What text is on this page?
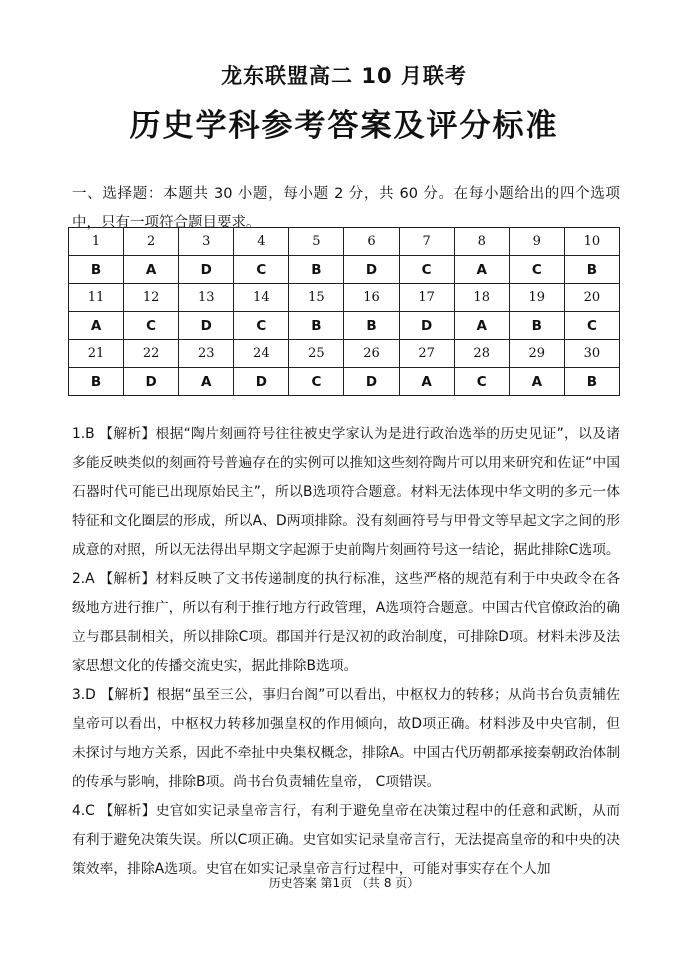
龙东联盟高二 10 月联考
历史学科参考答案及评分标准
一、选择题：本题共 30 小题，每小题 2 分，共 60 分。在每小题给出的四个选项中，只有一项符合题目要求。
1	2	3	4	5	6	7	8	9	10
B	A	D	C	B	D	C	A	C	B
11	12	13	14	15	16	17	18	19	20
A	C	D	C	B	B	D	A	B	C
21	22	23	24	25	26	27	28	29	30
B	D	A	D	C	D	A	C	A	B

1.B 【解析】根据“陶片刻画符号往往被史学家认为是进行政治选举的历史见证”，以及诸多能反映类似的刻画符号普遍存在的实例可以推知这些刻符陶片可以用来研究和佐证“中国石器时代可能已出现原始民主”，所以B选项符合题意。材料无法体现中华文明的多元一体特征和文化圈层的形成，所以A、D两项排除。没有刻画符号与甲骨文等早起文字之间的形成意的对照，所以无法得出早期文字起源于史前陶片刻画符号这一结论，据此排除C选项。

2.A 【解析】材料反映了文书传递制度的执行标准，这些严格的规范有利于中央政令在各级地方进行推广，所以有利于推行地方行政管理，A选项符合题意。中国古代官僚政治的确立与郡县制相关，所以排除C项。郡国并行是汉初的政治制度，可排除D项。材料未涉及法家思想文化的传播交流史实，据此排除B选项。

3.D 【解析】根据“虽至三公，事归台阁”可以看出，中枢权力的转移；从尚书台负责辅佐皇帝可以看出，中枢权力转移加强皇权的作用倾向，故D项正确。材料涉及中央官制，但未探讨与地方关系，因此不牵扯中央集权概念，排除A。中国古代历朝都承接秦朝政治体制的传承与影响，排除B项。尚书台负责辅佐皇帝， C项错误。

4.C 【解析】史官如实记录皇帝言行，有利于避免皇帝在决策过程中的任意和武断，从而有利于避免决策失误。所以C项正确。史官如实记录皇帝言行，无法提高皇帝的和中央的决策效率，排除A选项。史官在如实记录皇帝言行过程中，可能对事实存在个人加

历史答案 第1页 （共 8 页）
